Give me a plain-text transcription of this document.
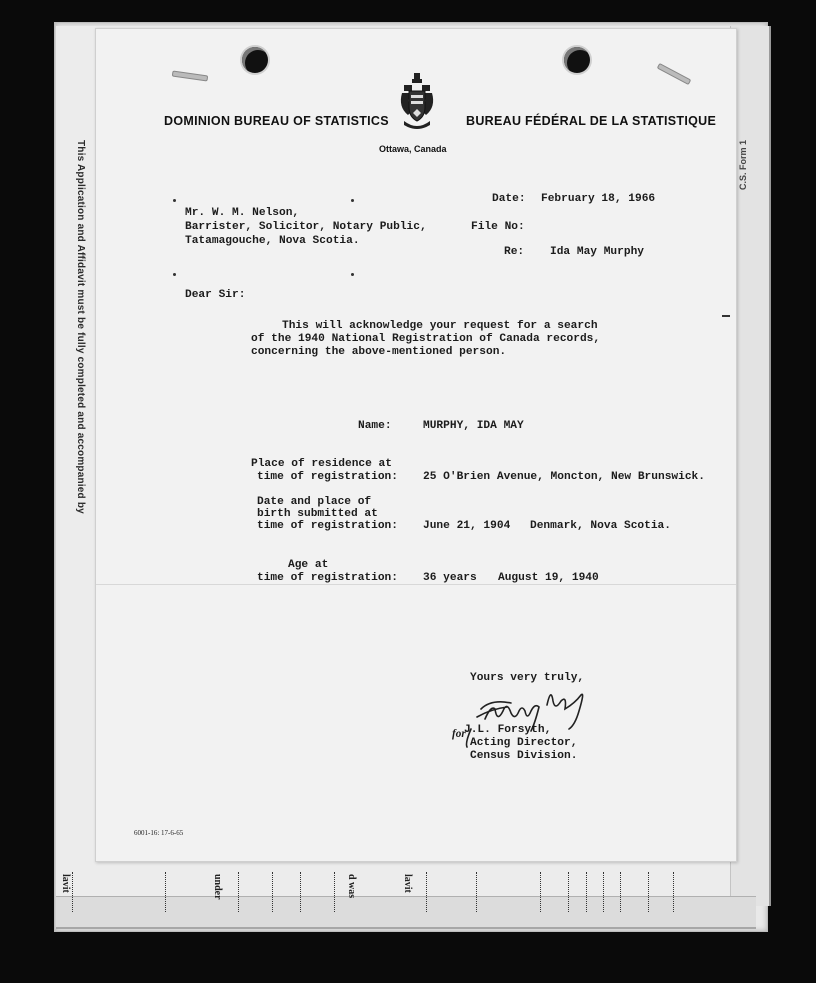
This Application and Affidavit must be fully completed and accompanied by	C.S. Form 1
lavit	under	d was	lavit
DOMINION BUREAU OF STATISTICS
Ottawa, Canada
BUREAU FÉDÉRAL DE LA STATISTIQUE
Mr. W. M. Nelson,
Barrister, Solicitor, Notary Public,
Tatamagouche, Nova Scotia.
Date: February 18, 1966
File No:
Re: Ida May Murphy
Dear Sir:
This will acknowledge your request for a search
of the 1940 National Registration of Canada records,
concerning the above-mentioned person.
Name:	MURPHY, IDA MAY
Place of residence at
time of registration: 25 O'Brien Avenue, Moncton, New Brunswick.
Date and place of
birth submitted at
time of registration: June 21, 1904 Denmark, Nova Scotia.
Age at
time of registration: 36 years August 19, 1940
Yours very truly,
for
J.L. Forsyth,
Acting Director,
Census Division.
6001-16: 17-6-65
